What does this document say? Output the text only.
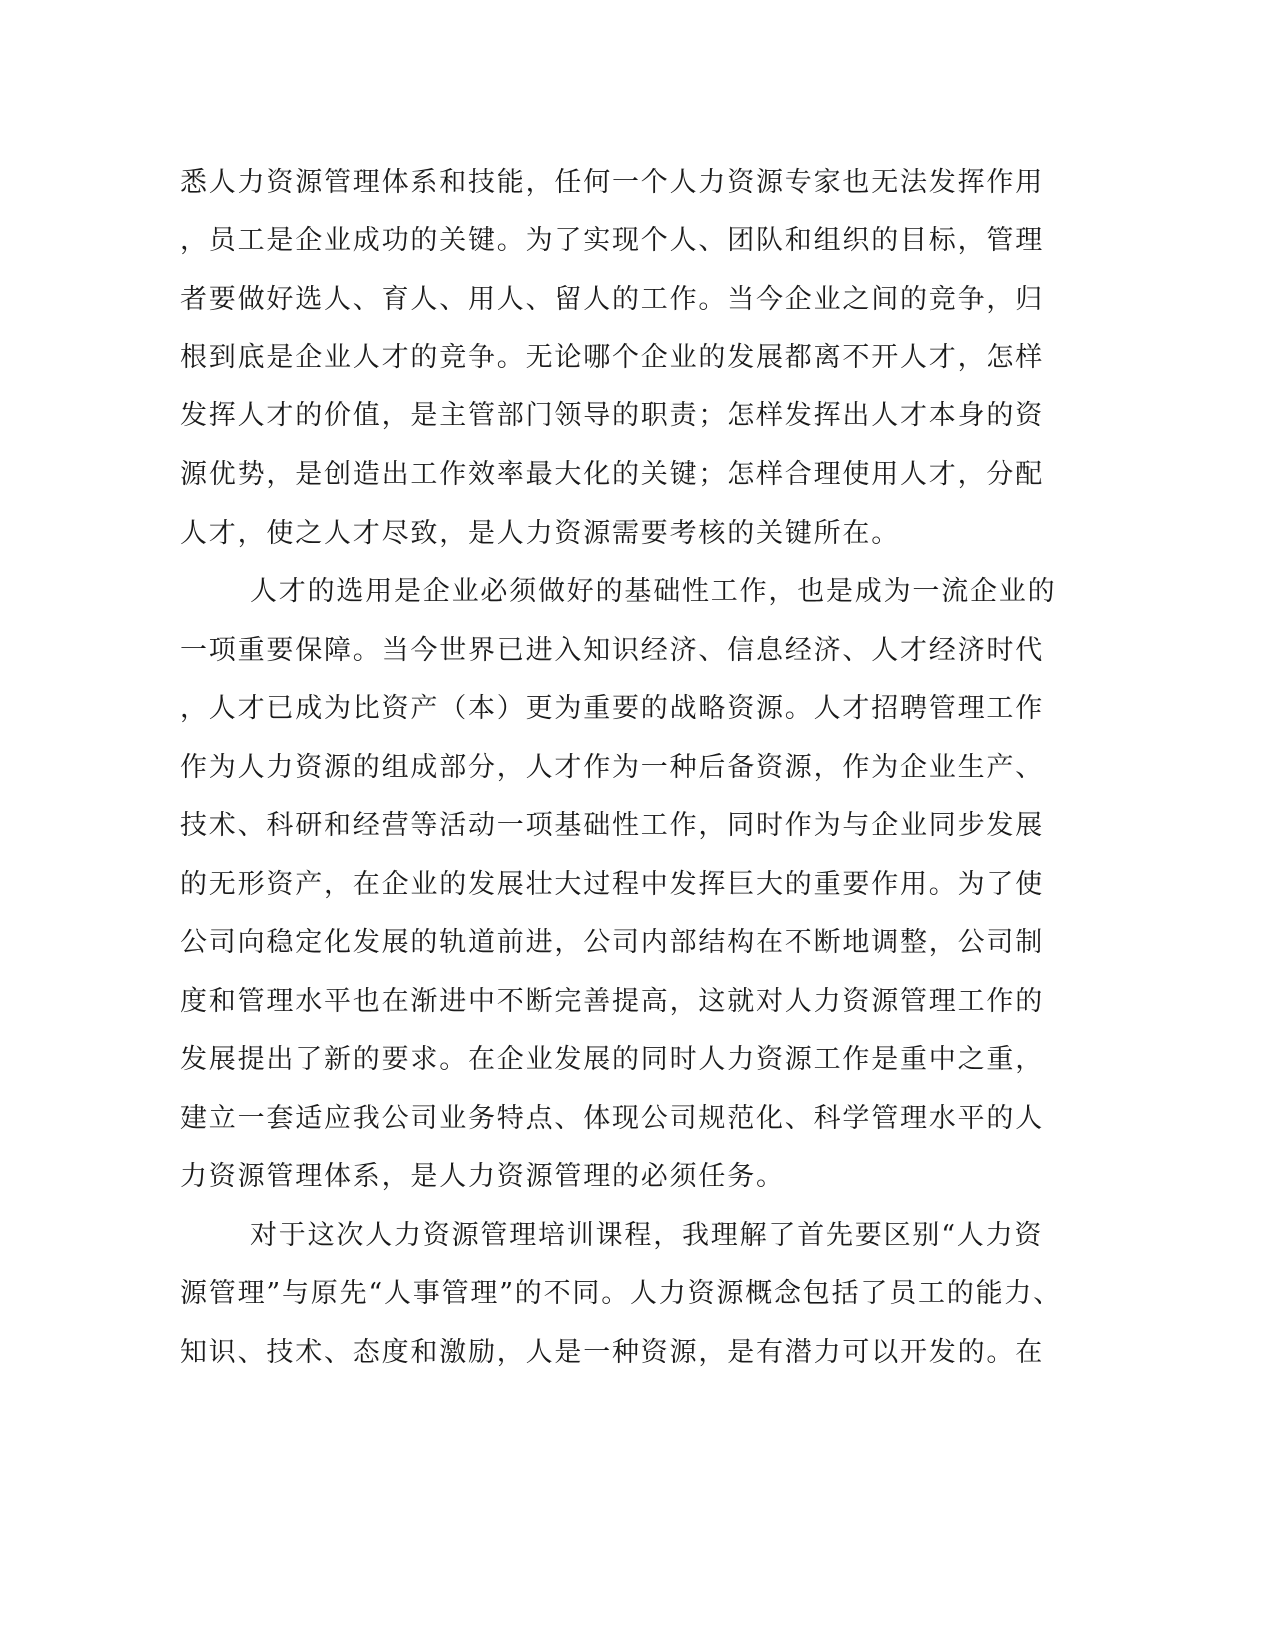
悉人力资源管理体系和技能，任何一个人力资源专家也无法发挥作用
，员工是企业成功的关键。为了实现个人、团队和组织的目标，管理
者要做好选人、育人、用人、留人的工作。当今企业之间的竞争，归
根到底是企业人才的竞争。无论哪个企业的发展都离不开人才，怎样
发挥人才的价值，是主管部门领导的职责；怎样发挥出人才本身的资
源优势，是创造出工作效率最大化的关键；怎样合理使用人才，分配
人才，使之人才尽致，是人力资源需要考核的关键所在。
人才的选用是企业必须做好的基础性工作，也是成为一流企业的
一项重要保障。当今世界已进入知识经济、信息经济、人才经济时代
，人才已成为比资产（本）更为重要的战略资源。人才招聘管理工作
作为人力资源的组成部分，人才作为一种后备资源，作为企业生产、
技术、科研和经营等活动一项基础性工作，同时作为与企业同步发展
的无形资产，在企业的发展壮大过程中发挥巨大的重要作用。为了使
公司向稳定化发展的轨道前进，公司内部结构在不断地调整，公司制
度和管理水平也在渐进中不断完善提高，这就对人力资源管理工作的
发展提出了新的要求。在企业发展的同时人力资源工作是重中之重，
建立一套适应我公司业务特点、体现公司规范化、科学管理水平的人
力资源管理体系，是人力资源管理的必须任务。
对于这次人力资源管理培训课程，我理解了首先要区别“人力资
源管理”与原先“人事管理”的不同。人力资源概念包括了员工的能力、
知识、技术、态度和激励，人是一种资源，是有潜力可以开发的。在
